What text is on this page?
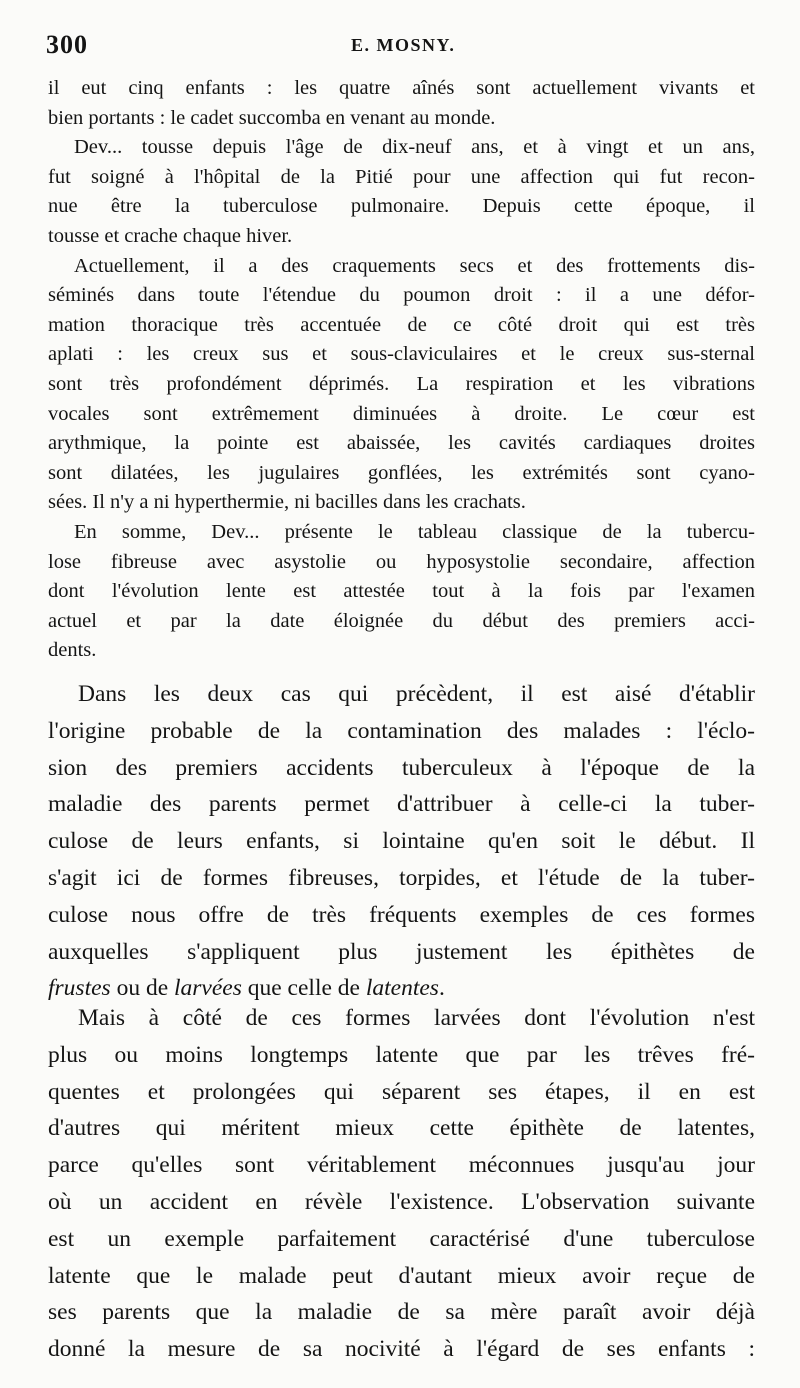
300	E. MOSNY.
il eut cinq enfants : les quatre aînés sont actuellement vivants et
bien portants : le cadet succomba en venant au monde.
Dev... tousse depuis l'âge de dix-neuf ans, et à vingt et un ans,
fut soigné à l'hôpital de la Pitié pour une affection qui fut recon-
nue être la tuberculose pulmonaire. Depuis cette époque, il
tousse et crache chaque hiver.
Actuellement, il a des craquements secs et des frottements dis-
séminés dans toute l'étendue du poumon droit : il a une défor-
mation thoracique très accentuée de ce côté droit qui est très
aplati : les creux sus et sous-claviculaires et le creux sus-sternal
sont très profondément déprimés. La respiration et les vibrations
vocales sont extrêmement diminuées à droite. Le cœur est
arythmique, la pointe est abaissée, les cavités cardiaques droites
sont dilatées, les jugulaires gonflées, les extrémités sont cyano-
sées. Il n'y a ni hyperthermie, ni bacilles dans les crachats.
En somme, Dev... présente le tableau classique de la tubercu-
lose fibreuse avec asystolie ou hyposystolie secondaire, affection
dont l'évolution lente est attestée tout à la fois par l'examen
actuel et par la date éloignée du début des premiers acci-
dents.
Dans les deux cas qui précèdent, il est aisé d'établir
l'origine probable de la contamination des malades : l'éclo-
sion des premiers accidents tuberculeux à l'époque de la
maladie des parents permet d'attribuer à celle-ci la tuber-
culose de leurs enfants, si lointaine qu'en soit le début. Il
s'agit ici de formes fibreuses, torpides, et l'étude de la tuber-
culose nous offre de très fréquents exemples de ces formes
auxquelles s'appliquent plus justement les épithètes de
frustes ou de larvées que celle de latentes.
Mais à côté de ces formes larvées dont l'évolution n'est
plus ou moins longtemps latente que par les trêves fré-
quentes et prolongées qui séparent ses étapes, il en est
d'autres qui méritent mieux cette épithète de latentes,
parce qu'elles sont véritablement méconnues jusqu'au jour
où un accident en révèle l'existence. L'observation suivante
est un exemple parfaitement caractérisé d'une tuberculose
latente que le malade peut d'autant mieux avoir reçue de
ses parents que la maladie de sa mère paraît avoir déjà
donné la mesure de sa nocivité à l'égard de ses enfants :
